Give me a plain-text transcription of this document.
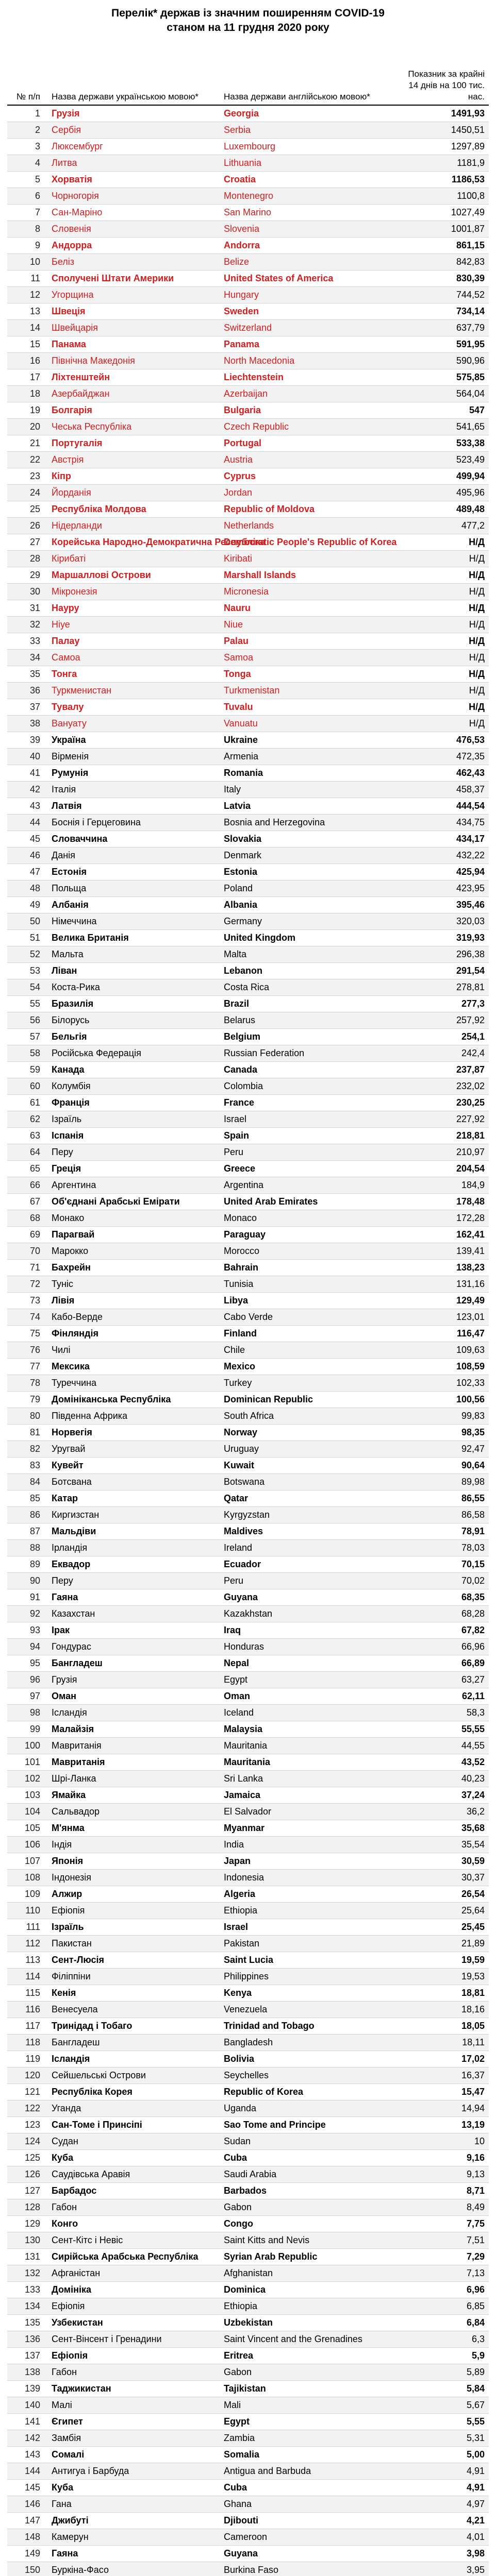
Перелік* держав із значним поширенням COVID-19
станом на 11 грудня 2020 року
№ п/п	Назва держави українською мовою*	Назва держави англійською мовою*	Показник за крайні 14 днів на 100 тис. нас.
1	Грузія	Georgia	1491,93
2	Сербія	Serbia	1450,51
3	Люксембург	Luxembourg	1297,89
4	Литва	Lithuania	1181,9
5	Хорватія	Croatia	1186,53
6	Чорногорія	Montenegro	1100,8
7	Сан-Маріно	San Marino	1027,49
8	Словенія	Slovenia	1001,87
9	Андорра	Andorra	861,15
10	Беліз	Belize	842,83
11	Сполучені Штати Америки	United States of America	830,39
12	Угорщина	Hungary	744,52
13	Швеція	Sweden	734,14
14	Швейцарія	Switzerland	637,79
15	Панама	Panama	591,95
16	Північна Македонія	North Macedonia	590,96
17	Ліхтенштейн	Liechtenstein	575,85
18	Азербайджан	Azerbaijan	564,04
19	Болгарія	Bulgaria	547
20	Чеська Республіка	Czech Republic	541,65
21	Португалія	Portugal	533,38
22	Австрія	Austria	523,49
23	Кіпр	Cyprus	499,94
24	Йорданія	Jordan	495,96
25	Республіка Молдова	Republic of Moldova	489,48
26	Нідерланди	Netherlands	477,2
27	Корейська Народно-Демократична Республіка	Democratic People's Republic of Korea	Н/Д
28	Кірибаті	Kiribati	Н/Д
29	Маршаллові Острови	Marshall Islands	Н/Д
30	Мікронезія	Micronesia	Н/Д
31	Науру	Nauru	Н/Д
32	Ніуе	Niue	Н/Д
33	Палау	Palau	Н/Д
34	Самоа	Samoa	Н/Д
35	Тонга	Tonga	Н/Д
36	Туркменистан	Turkmenistan	Н/Д
37	Тувалу	Tuvalu	Н/Д
38	Вануату	Vanuatu	Н/Д
39	Україна	Ukraine	476,53
40	Вірменія	Armenia	472,35
41	Румунія	Romania	462,43
42	Італія	Italy	458,37
43	Латвія	Latvia	444,54
44	Боснія і Герцеговина	Bosnia and Herzegovina	434,75
45	Словаччина	Slovakia	434,17
46	Данія	Denmark	432,22
47	Естонія	Estonia	425,94
48	Польща	Poland	423,95
49	Албанія	Albania	395,46
50	Німеччина	Germany	320,03
51	Велика Британія	United Kingdom	319,93
52	Мальта	Malta	296,38
53	Ліван	Lebanon	291,54
54	Коста-Рика	Costa Rica	278,81
55	Бразилія	Brazil	277,3
56	Білорусь	Belarus	257,92
57	Бельгія	Belgium	254,1
58	Російська Федерація	Russian Federation	242,4
59	Канада	Canada	237,87
60	Колумбія	Colombia	232,02
61	Франція	France	230,25
62	Ізраїль	Israel	227,92
63	Іспанія	Spain	218,81
64	Перу	Peru	210,97
65	Греція	Greece	204,54
66	Аргентина	Argentina	184,9
67	Об'єднані Арабські Емірати	United Arab Emirates	178,48
68	Монако	Monaco	172,28
69	Парагвай	Paraguay	162,41
70	Марокко	Morocco	139,41
71	Бахрейн	Bahrain	138,23
72	Туніс	Tunisia	131,16
73	Лівія	Libya	129,49
74	Кабо-Верде	Cabo Verde	123,01
75	Фінляндія	Finland	116,47
76	Чилі	Chile	109,63
77	Мексика	Mexico	108,59
78	Туреччина	Turkey	102,33
79	Домініканська Республіка	Dominican Republic	100,56
80	Південна Африка	South Africa	99,83
81	Норвегія	Norway	98,35
82	Уругвай	Uruguay	92,47
83	Кувейт	Kuwait	90,64
84	Ботсвана	Botswana	89,98
85	Катар	Qatar	86,55
86	Киргизстан	Kyrgyzstan	86,58
87	Мальдіви	Maldives	78,91
88	Ірландія	Ireland	78,03
89	Еквадор	Ecuador	70,15
90	Перу	Peru	70,02
91	Гаяна	Guyana	68,35
92	Казахстан	Kazakhstan	68,28
93	Ірак	Iraq	67,82
94	Гондурас	Honduras	66,96
95	Бангладеш	Nepal	66,89
96	Грузія	Egypt	63,27
97	Оман	Oman	62,11
98	Ісландія	Iceland	58,3
99	Малайзія	Malaysia	55,55
100	Мавританія	Mauritania	44,55
101	Мавританія	Mauritania	43,52
102	Шрі-Ланка	Sri Lanka	40,23
103	Ямайка	Jamaica	37,24
104	Сальвадор	El Salvador	36,2
105	М'янма	Myanmar	35,68
106	Індія	India	35,54
107	Японія	Japan	30,59
108	Індонезія	Indonesia	30,37
109	Алжир	Algeria	26,54
110	Ефіопія	Ethiopia	25,64
111	Ізраїль	Israel	25,45
112	Пакистан	Pakistan	21,89
113	Сент-Люсія	Saint Lucia	19,59
114	Філіппіни	Philippines	19,53
115	Кенія	Kenya	18,81
116	Венесуела	Venezuela	18,16
117	Тринідад і Тобаго	Trinidad and Tobago	18,05
118	Бангладеш	Bangladesh	18,11
119	Ісландія	Bolivia	17,02
120	Сейшельські Острови	Seychelles	16,37
121	Республіка Корея	Republic of Korea	15,47
122	Уганда	Uganda	14,94
123	Сан-Томе і Принсіпі	Sao Tome and Principe	13,19
124	Судан	Sudan	10
125	Куба	Cuba	9,16
126	Саудівська Аравія	Saudi Arabia	9,13
127	Барбадос	Barbados	8,71
128	Габон	Gabon	8,49
129	Конго	Congo	7,75
130	Сент-Кітс і Невіс	Saint Kitts and Nevis	7,51
131	Сирійська Арабська Республіка	Syrian Arab Republic	7,29
132	Афганістан	Afghanistan	7,13
133	Домініка	Dominica	6,96
134	Ефіопія	Ethiopia	6,85
135	Узбекистан	Uzbekistan	6,84
136	Сент-Вінсент і Гренадини	Saint Vincent and the Grenadines	6,3
137	Ефіопія	Eritrea	5,9
138	Габон	Gabon	5,89
139	Таджикистан	Tajikistan	5,84
140	Малі	Mali	5,67
141	Єгипет	Egypt	5,55
142	Замбія	Zambia	5,31
143	Сомалі	Somalia	5,00
144	Антигуа і Барбуда	Antigua and Barbuda	4,91
145	Куба	Cuba	4,91
146	Гана	Ghana	4,97
147	Джибуті	Djibouti	4,21
148	Камерун	Cameroon	4,01
149	Гаяна	Guyana	3,98
150	Буркіна-Фасо	Burkina Faso	3,95
